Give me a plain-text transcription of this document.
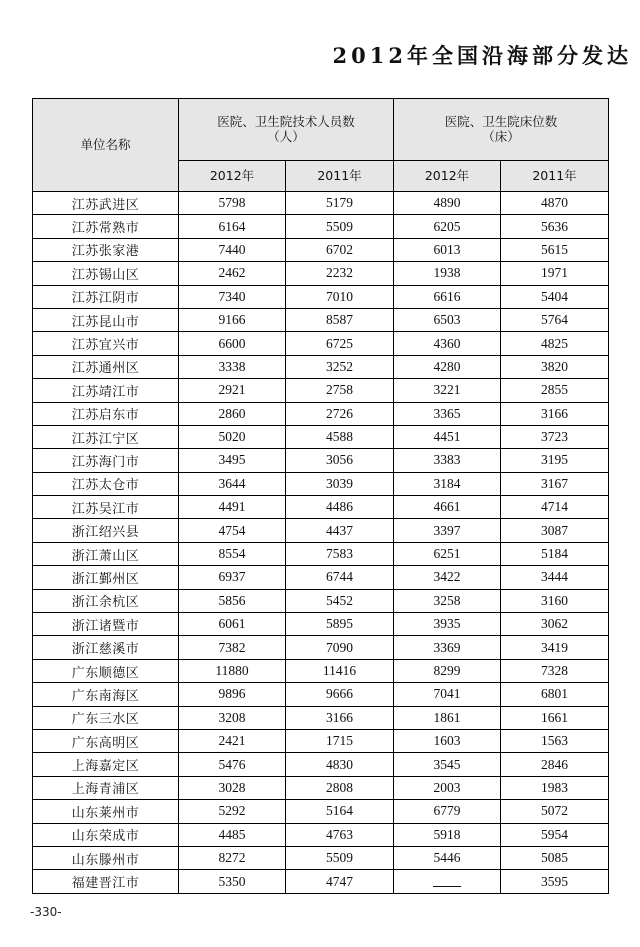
2012年全国沿海部分发达
单位名称	
医院、卫生院技术人员数
（人）

医院、卫生院床位数
（床）

	2012年	2011年	2012年	2011年
江苏武进区	5798	5179	4890	4870
江苏常熟市	6164	5509	6205	5636
江苏张家港	7440	6702	6013	5615
江苏锡山区	2462	2232	1938	1971
江苏江阴市	7340	7010	6616	5404
江苏昆山市	9166	8587	6503	5764
江苏宜兴市	6600	6725	4360	4825
江苏通州区	3338	3252	4280	3820
江苏靖江市	2921	2758	3221	2855
江苏启东市	2860	2726	3365	3166
江苏江宁区	5020	4588	4451	3723
江苏海门市	3495	3056	3383	3195
江苏太仓市	3644	3039	3184	3167
江苏吴江市	4491	4486	4661	4714
浙江绍兴县	4754	4437	3397	3087
浙江萧山区	8554	7583	6251	5184
浙江鄞州区	6937	6744	3422	3444
浙江余杭区	5856	5452	3258	3160
浙江诸暨市	6061	5895	3935	3062
浙江慈溪市	7382	7090	3369	3419
广东顺德区	11880	11416	8299	7328
广东南海区	9896	9666	7041	6801
广东三水区	3208	3166	1861	1661
广东高明区	2421	1715	1603	1563
上海嘉定区	5476	4830	3545	2846
上海青浦区	3028	2808	2003	1983
山东莱州市	5292	5164	6779	5072
山东荣成市	4485	4763	5918	5954
山东滕州市	8272	5509	5446	5085
福建晋江市	5350	4747		3595
-330-
